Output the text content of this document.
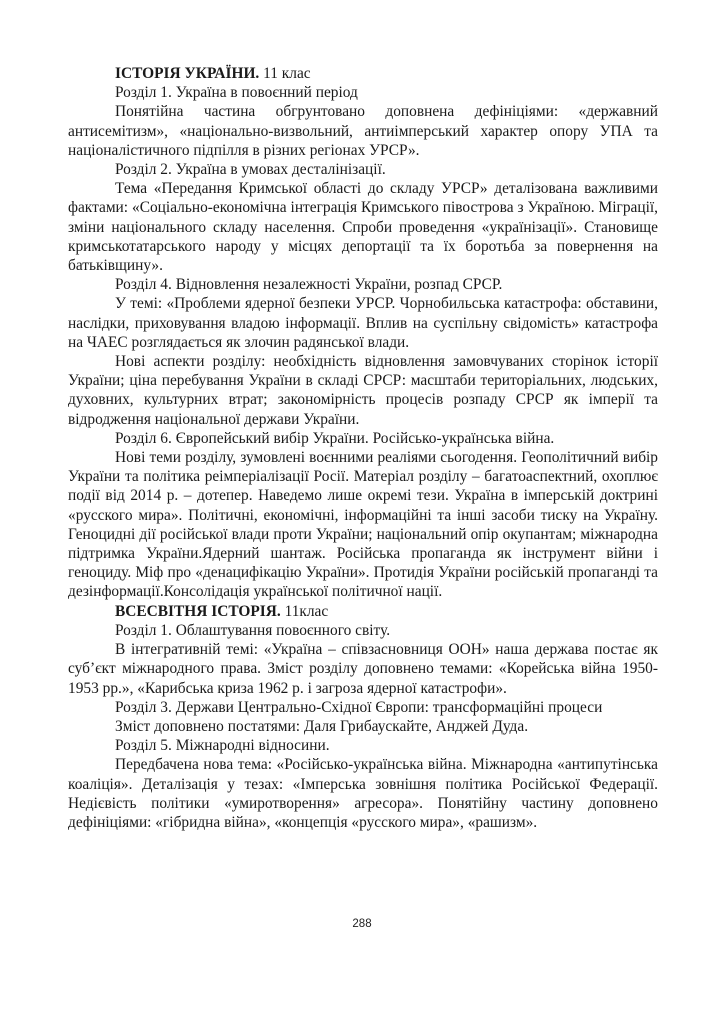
ІСТОРІЯ УКРАЇНИ. 11 клас

Розділ 1. Україна в повоєнний період

Понятійна частина обгрунтовано доповнена дефініціями: «державний антисемітизм», «національно-визвольний, антиімперський характер опору УПА та націоналістичного підпілля в різних регіонах УРСР».

Розділ 2. Україна в умовах десталінізації.

Тема «Передання Кримської області до складу УРСР» деталізована важливими фактами: «Соціально-економічна інтеграція Кримського півострова з Україною. Міграції, зміни національного складу населення. Спроби проведення «українізації». Становище кримськотатарського народу у місцях депортації та їх боротьба за повернення на батьківщину».

Розділ 4. Відновлення незалежності України, розпад СРСР.

У темі: «Проблеми ядерної безпеки УРСР. Чорнобильська катастрофа: обставини, наслідки, приховування владою інформації. Вплив на суспільну свідомість» катастрофа на ЧАЕС розглядається як злочин радянської влади.

Нові аспекти розділу: необхідність відновлення замовчуваних сторінок історії України; ціна перебування України в складі СРСР: масштаби територіальних, людських, духовних, культурних втрат; закономірність процесів розпаду СРСР як імперії та відродження національної держави України.

Розділ 6. Європейський вибір України. Російсько-українська війна.

Нові теми розділу, зумовлені воєнними реаліями сьогодення. Геополітичний вибір України та політика реімперіалізації Росії. Матеріал розділу – багатоаспектний, охоплює події від 2014 р. – дотепер. Наведемо лише окремі тези. Україна в імперській доктрині «русского мира». Політичні, економічні, інформаційні та інші засоби тиску на Україну. Геноцидні дії російської влади проти України; національний опір окупантам; міжнародна підтримка України.Ядерний шантаж. Російська пропаганда як інструмент війни і геноциду. Міф про «денацифікацію України». Протидія України російській пропаганді та дезінформації.Консолідація української політичної нації.

ВСЕСВІТНЯ ІСТОРІЯ. 11клас

Розділ 1. Облаштування повоєнного світу.

В інтегративній темі: «Україна – співзасновниця ООН» наша держава постає як суб’єкт міжнародного права. Зміст розділу доповнено темами: «Корейська війна 1950-1953 рр.», «Карибська криза 1962 р. і загроза ядерної катастрофи».

Розділ 3. Держави Центрально-Східної Європи: трансформаційні процеси

Зміст доповнено постатями: Даля Грибаускайте, Анджей Дуда.

Розділ 5. Міжнародні відносини.

Передбачена нова тема: «Російсько-українська війна. Міжнародна «антипутінська коаліція». Деталізація у тезах: «Імперська зовнішня політика Російської Федерації. Недієвість політики «умиротворення» агресора». Понятійну частину доповнено дефініціями: «гібридна війна», «концепція «русского мира», «рашизм».

288
